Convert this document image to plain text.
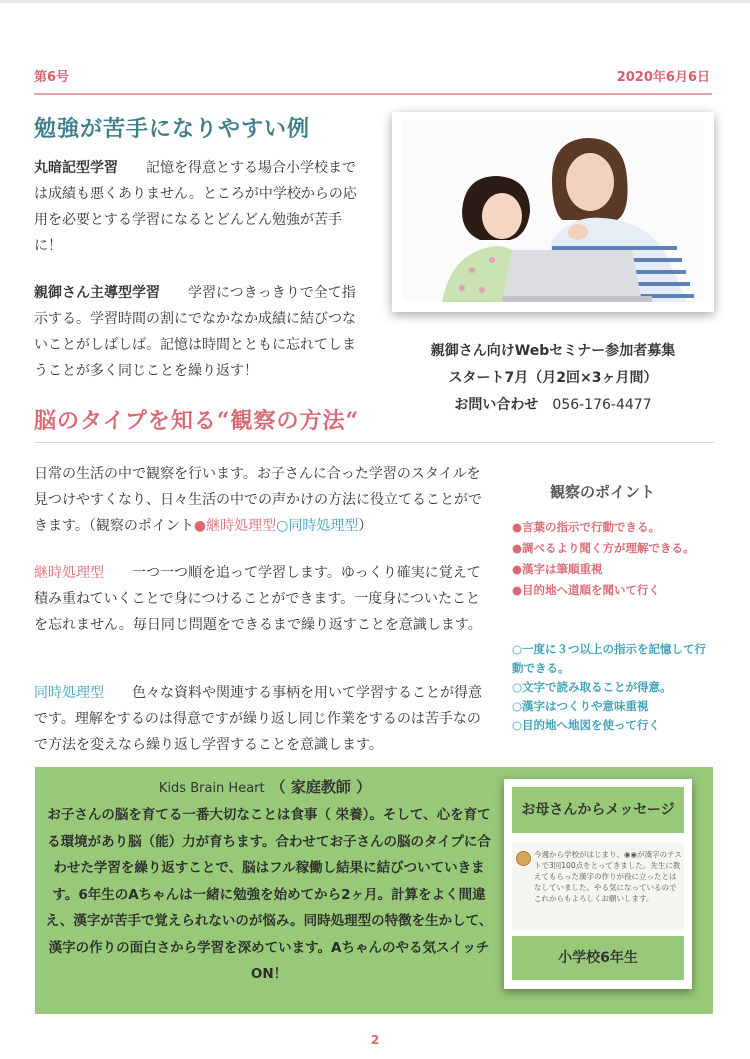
第6号	2020年6月6日
勉強が苦手になりやすい例
丸暗記型学習   記憶を得意とする場合小学校までは成績も悪くありません。ところが中学校からの応用を必要とする学習になるとどんどん勉強が苦手に！
親御さん主導型学習   学習につきっきりで全て指示する。学習時間の割にでなかなか成績に結びつないことがしばしば。記憶は時間とともに忘れてしまうことが多く同じことを繰り返す！
親御さん向けWebセミナー参加者募集
スタート7月（月2回×3ヶ月間）
お問い合わせ 056-176-4477
脳のタイプを知る“観察の方法“
日常の生活の中で観察を行います。お子さんに合った学習のスタイルを見つけやすくなり、日々生活の中での声かけの方法に役立てることができます。（観察のポイント●継時処理型○同時処理型）
継時処理型   一つ一つ順を追って学習します。ゆっくり確実に覚えて積み重ねていくことで身につけることができます。一度身についたことを忘れません。毎日同じ問題をできるまで繰り返すことを意識します。
同時処理型   色々な資料や関連する事柄を用いて学習することが得意です。理解をするのは得意ですが繰り返し同じ作業をするのは苦手なので方法を変えなら繰り返し学習することを意識します。
観察のポイント
●言葉の指示で行動できる。
●調べるより聞く方が理解できる。
●漢字は筆順重視
●目的地へ道順を聞いて行く
○一度に３つ以上の指示を記憶して行動できる。
○文字で読み取ることが得意。
○漢字はつくりや意味重視
○目的地へ地図を使って行く
Kids Brain Heart （ 家庭教師 ）
お子さんの脳を育てる一番大切なことは食事（ 栄養）。そして、心を育てる環境があり脳（能）力が育ちます。合わせてお子さんの脳のタイプに合わせた学習を繰り返すことで、脳はフル稼働し結果に結びついていきます。6年生のAちゃんは一緒に勉強を始めてから2ヶ月。計算をよく間違え、漢字が苦手で覚えられないのが悩み。同時処理型の特徴を生かして、漢字の作りの面白さから学習を深めています。Aちゃんのやる気スイッチON！
お母さんからメッセージ
今週から学校がはじまり、◉◉が漢字のテストで3回100点をとってきました。先生に教えてもらった漢字の作りが役に立ったとはなしていました。やる気になっているのでこれからもよろしくお願いします。
小学校6年生
2
